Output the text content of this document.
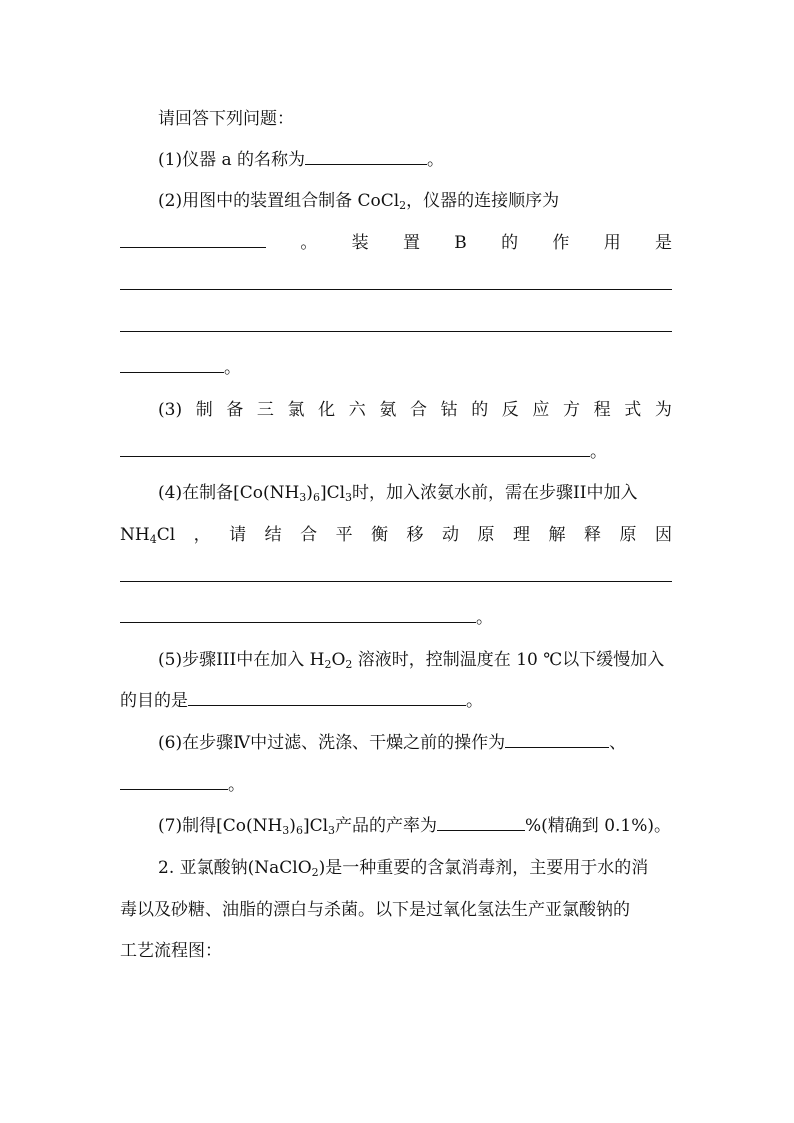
请回答下列问题：
(1)仪器 a 的名称为	。
(2)用图中的装置组合制备 CoCl$_2$，仪器的连接顺序为
。 装 置 B 的 作 用 是
。
(3) 制 备 三 氯 化 六 氨 合 钴 的 反 应 方 程 式 为
。
(4)在制备$[Co(NH_3)_6]Cl_3$时，加入浓氨水前，需在步骤II中加入
$NH_4Cl$ ， 请 结 合 平 衡 移 动 原 理 解 释 原 因
。
(5)步骤III中在加入 $H_2O_2$ 溶液时，控制温度在 10 ℃以下缓慢加入
的目的是	。
(6)在步骤Ⅳ中过滤、洗涤、干燥之前的操作为	、
。
(7)制得$[Co(NH_3)_6]Cl_3$产品的产率为	%(精确到 0.1%)。
2. 亚氯酸钠(NaClO$_2$)是一种重要的含氯消毒剂，主要用于水的消
毒以及砂糖、油脂的漂白与杀菌。以下是过氧化氢法生产亚氯酸钠的
工艺流程图：
